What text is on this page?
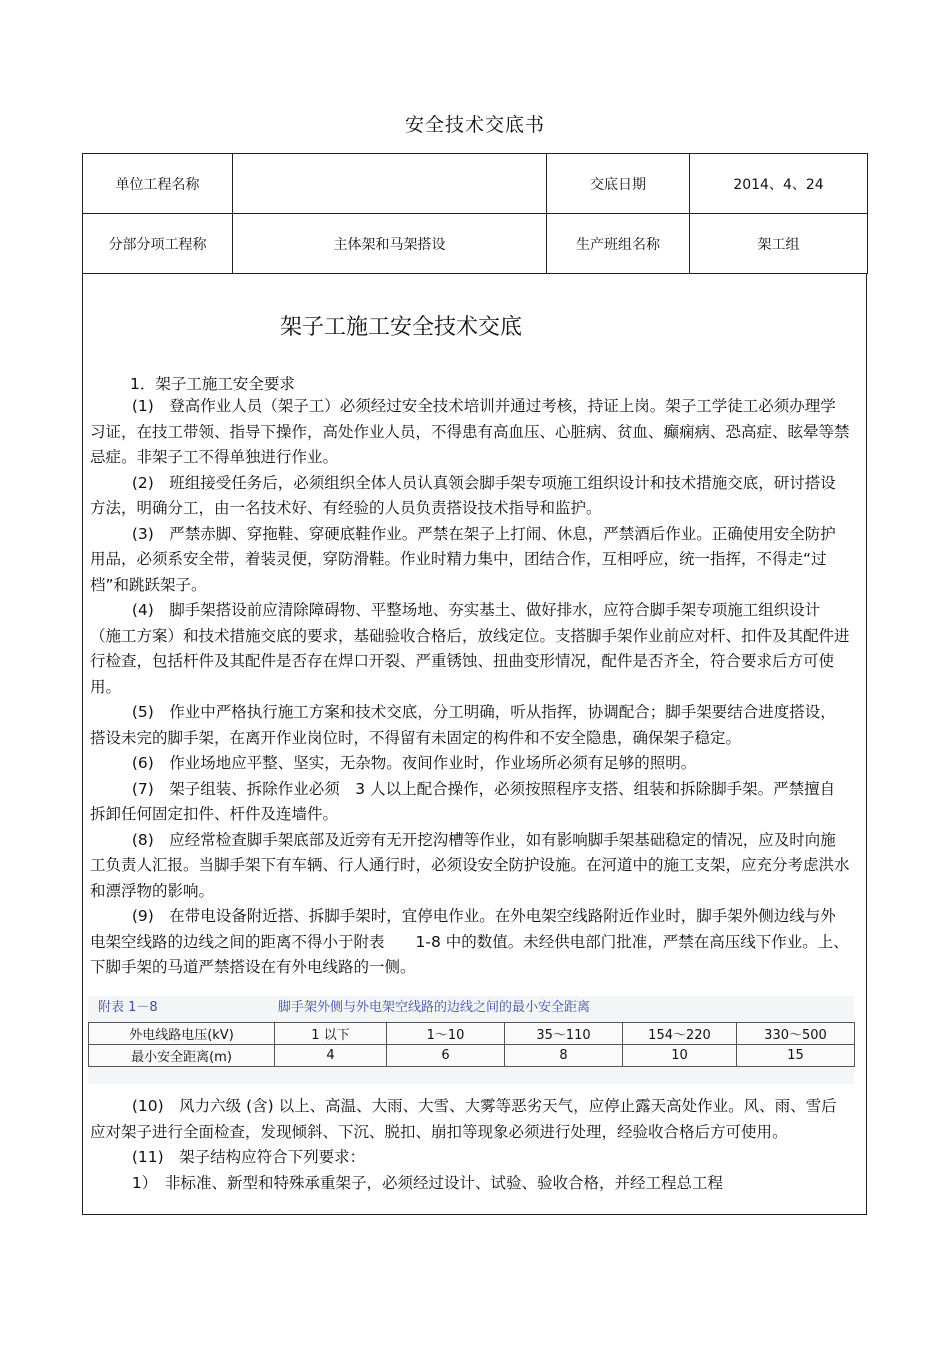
安全技术交底书
单位工程名称		交底日期	2014、4、24
分部分项工程称	主体架和马架搭设	生产班组名称	架工组
架子工施工安全技术交底
1．架子工施工安全要求

(1)　登高作业人员（架子工）必须经过安全技术培训并通过考核，持证上岗。架子工学徒工必须办理学习证，在技工带领、指导下操作，高处作业人员，不得患有高血压、心脏病、贫血、癫痫病、恐高症、眩晕等禁忌症。非架子工不得单独进行作业。

(2)　班组接受任务后，必须组织全体人员认真领会脚手架专项施工组织设计和技术措施交底，研讨搭设方法，明确分工，由一名技术好、有经验的人员负责搭设技术指导和监护。

(3)　严禁赤脚、穿拖鞋、穿硬底鞋作业。严禁在架子上打闹、休息，严禁酒后作业。正确使用安全防护用品，必须系安全带，着装灵便，穿防滑鞋。作业时精力集中，团结合作，互相呼应，统一指挥，不得走“过档”和跳跃架子。

(4)　脚手架搭设前应清除障碍物、平整场地、夯实基土、做好排水，应符合脚手架专项施工组织设计（施工方案）和技术措施交底的要求，基础验收合格后，放线定位。支搭脚手架作业前应对杆、扣件及其配件进行检查，包括杆件及其配件是否存在焊口开裂、严重锈蚀、扭曲变形情况，配件是否齐全，符合要求后方可使用。

(5)　作业中严格执行施工方案和技术交底，分工明确，听从指挥，协调配合；脚手架要结合进度搭设，搭设未完的脚手架，在离开作业岗位时，不得留有未固定的构件和不安全隐患，确保架子稳定。

(6)　作业场地应平整、坚实，无杂物。夜间作业时，作业场所必须有足够的照明。

(7)　架子组装、拆除作业必须　3 人以上配合操作，必须按照程序支搭、组装和拆除脚手架。严禁擅自拆卸任何固定扣件、杆件及连墙件。

(8)　应经常检查脚手架底部及近旁有无开挖沟槽等作业，如有影响脚手架基础稳定的情况，应及时向施工负责人汇报。当脚手架下有车辆、行人通行时，必须设安全防护设施。在河道中的施工支架，应充分考虑洪水和漂浮物的影响。

(9)　在带电设备附近搭、拆脚手架时，宜停电作业。在外电架空线路附近作业时，脚手架外侧边线与外电架空线路的边线之间的距离不得小于附表　　1-8 中的数值。未经供电部门批准，严禁在高压线下作业。上、下脚手架的马道严禁搭设在有外电线路的一侧。

附表 1－8	脚手架外侧与外电架空线路的边线之间的最小安全距离
外电线路电压(kV)	1 以下	1～10	35～110	154～220	330～500
最小安全距离(m)	4	6	8	10	15

(10)　风力六级 (含) 以上、高温、大雨、大雪、大雾等恶劣天气，应停止露天高处作业。风、雨、雪后应对架子进行全面检查，发现倾斜、下沉、脱扣、崩扣等现象必须进行处理，经验收合格后方可使用。

(11)　架子结构应符合下列要求：

1）　非标准、新型和特殊承重架子，必须经过设计、试验、验收合格，并经工程总工程
